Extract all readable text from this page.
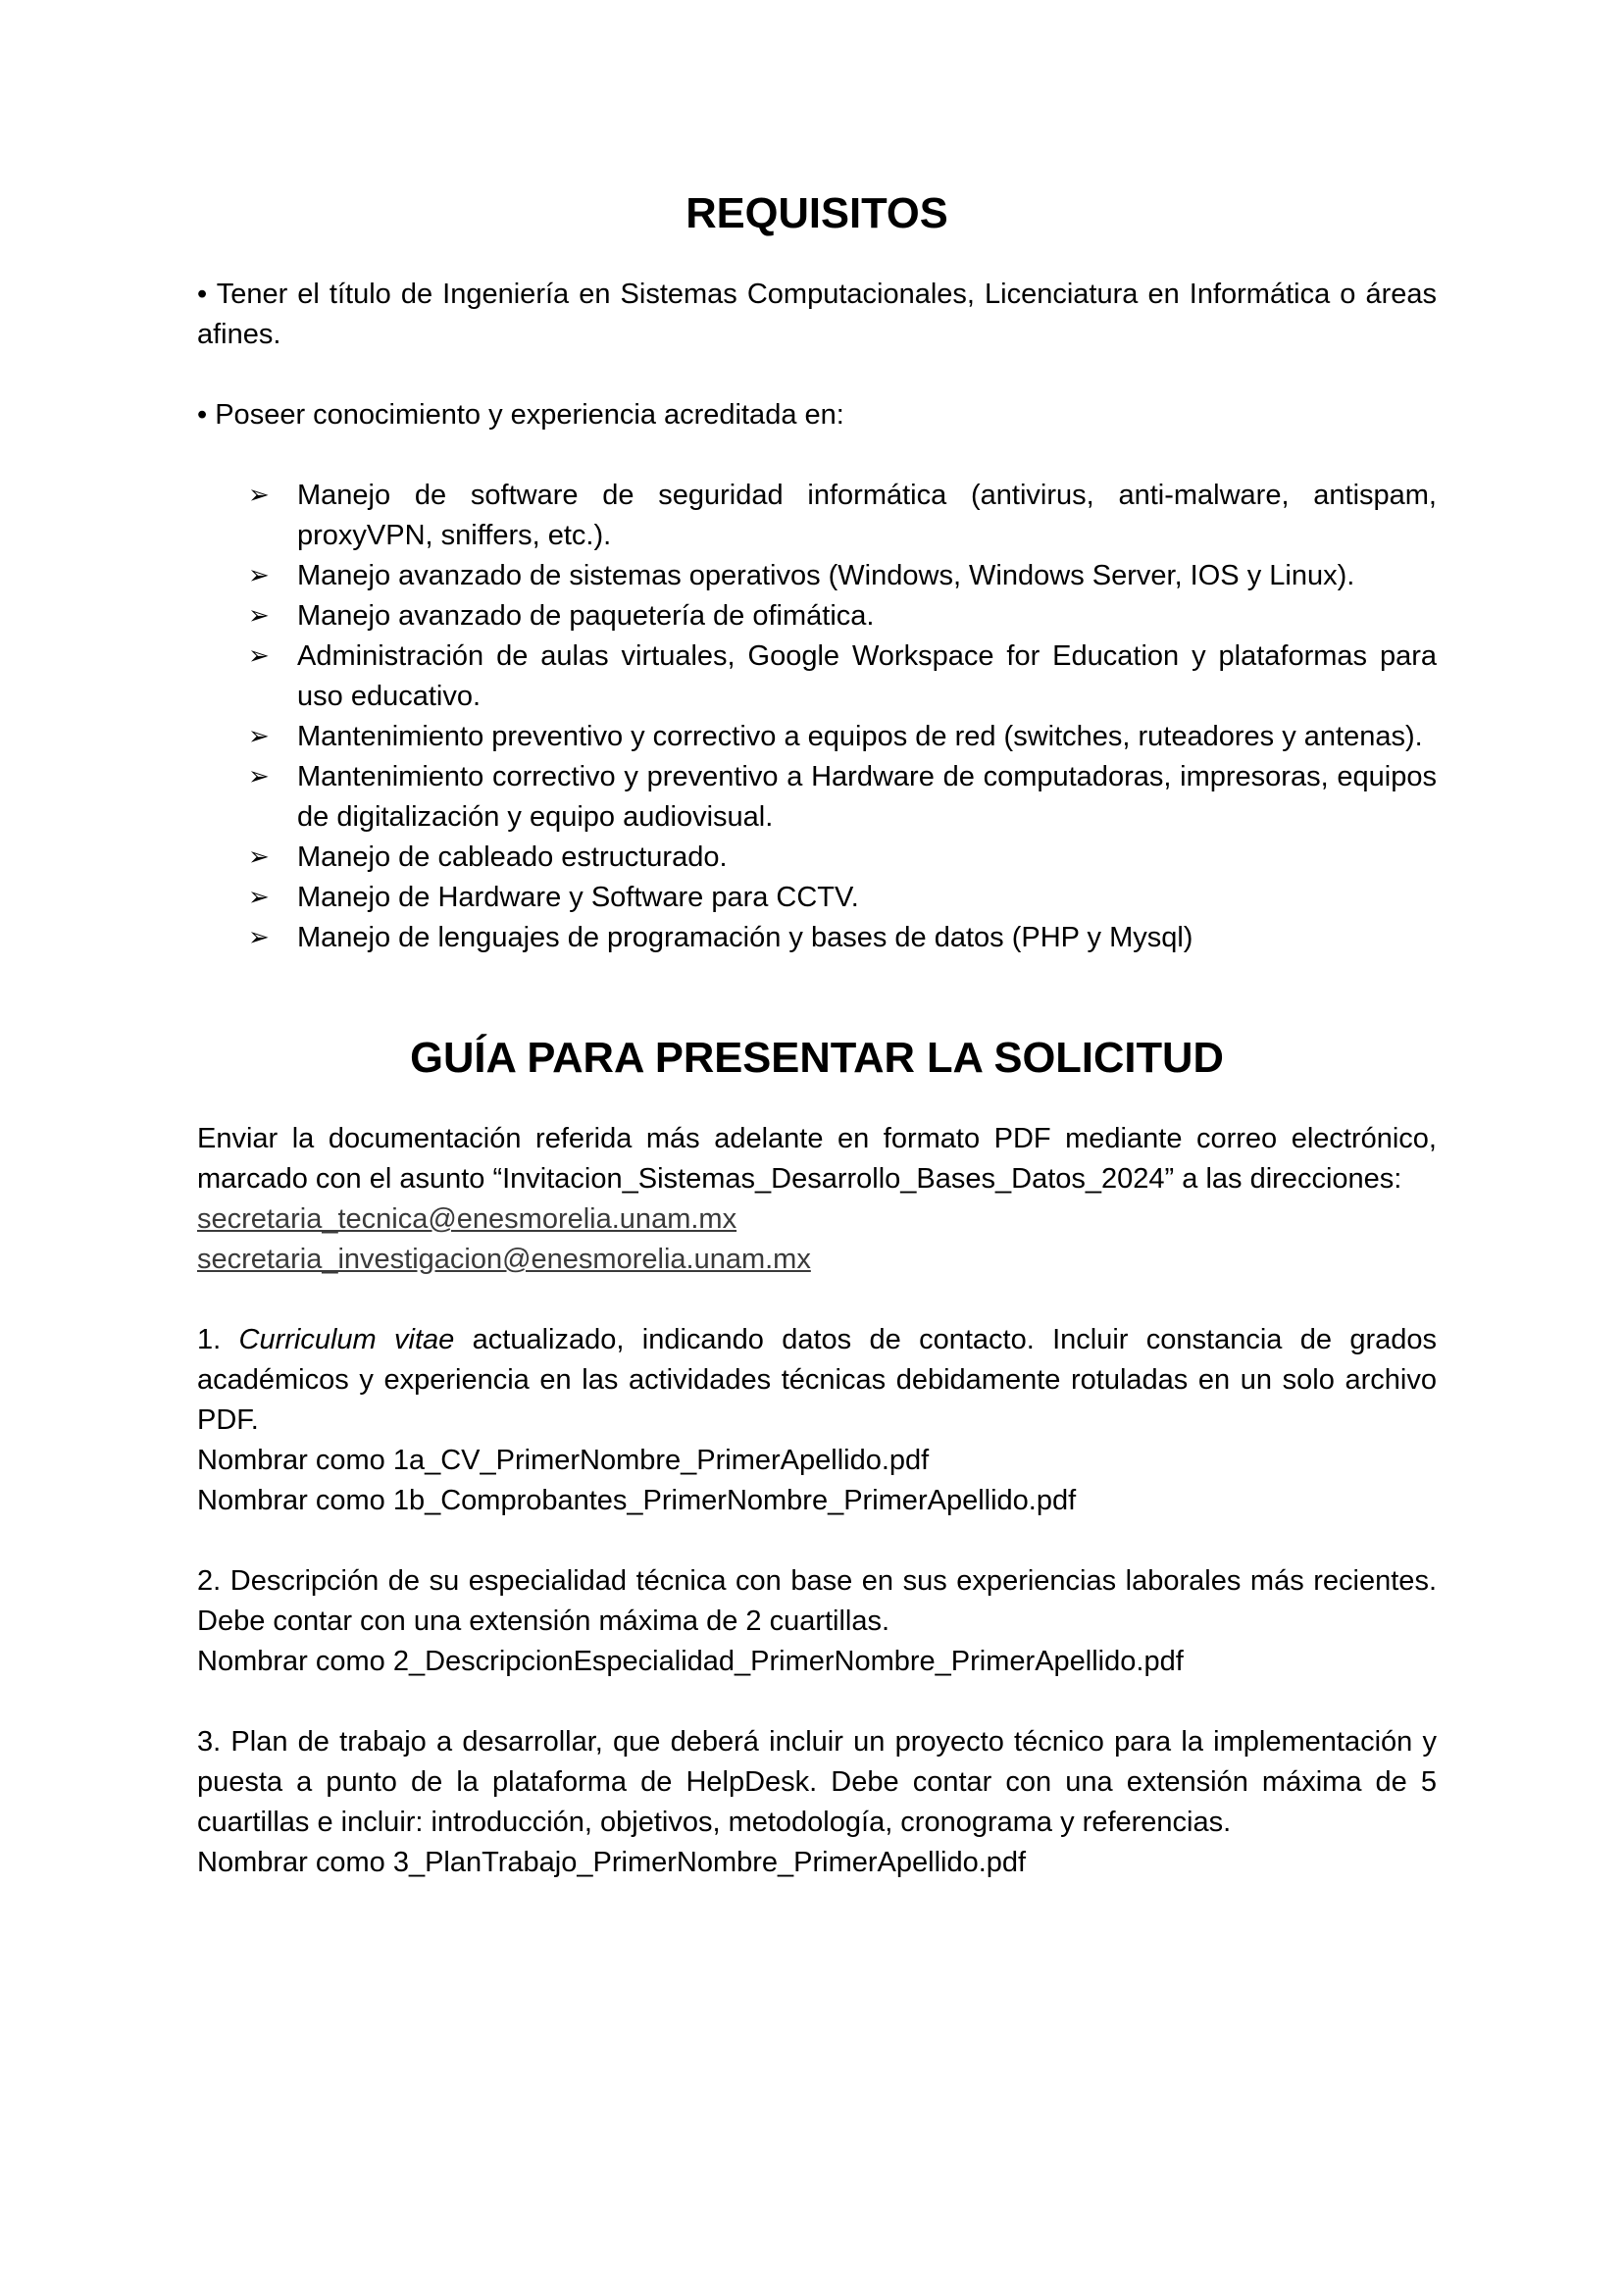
REQUISITOS

• Tener el título de Ingeniería en Sistemas Computacionales, Licenciatura en Informática o áreas afines.

• Poseer conocimiento y experiencia acreditada en:

➢ Manejo de software de seguridad informática (antivirus, anti-malware, antispam, proxyVPN, sniffers, etc.).
➢ Manejo avanzado de sistemas operativos (Windows, Windows Server, IOS y Linux).
➢ Manejo avanzado de paquetería de ofimática.
➢ Administración de aulas virtuales, Google Workspace for Education y plataformas para uso educativo.
➢ Mantenimiento preventivo y correctivo a equipos de red (switches, ruteadores y antenas).
➢ Mantenimiento correctivo y preventivo a Hardware de computadoras, impresoras, equipos de digitalización y equipo audiovisual.
➢ Manejo de cableado estructurado.
➢ Manejo de Hardware y Software para CCTV.
➢ Manejo de lenguajes de programación y bases de datos (PHP y Mysql)
GUÍA PARA PRESENTAR LA SOLICITUD

Enviar la documentación referida más adelante en formato PDF mediante correo electrónico, marcado con el asunto “Invitacion_Sistemas_Desarrollo_Bases_Datos_2024” a las direcciones:

secretaria_tecnica@enesmorelia.unam.mx
secretaria_investigacion@enesmorelia.unam.mx

1. Curriculum vitae actualizado, indicando datos de contacto. Incluir constancia de grados académicos y experiencia en las actividades técnicas debidamente rotuladas en un solo archivo PDF.

Nombrar como 1a_CV_PrimerNombre_PrimerApellido.pdf

Nombrar como 1b_Comprobantes_PrimerNombre_PrimerApellido.pdf

2. Descripción de su especialidad técnica con base en sus experiencias laborales más recientes. Debe contar con una extensión máxima de 2 cuartillas.

Nombrar como 2_DescripcionEspecialidad_PrimerNombre_PrimerApellido.pdf

3. Plan de trabajo a desarrollar, que deberá incluir un proyecto técnico para la implementación y puesta a punto de la plataforma de HelpDesk. Debe contar con una extensión máxima de 5 cuartillas e incluir: introducción, objetivos, metodología, cronograma y referencias.

Nombrar como 3_PlanTrabajo_PrimerNombre_PrimerApellido.pdf
